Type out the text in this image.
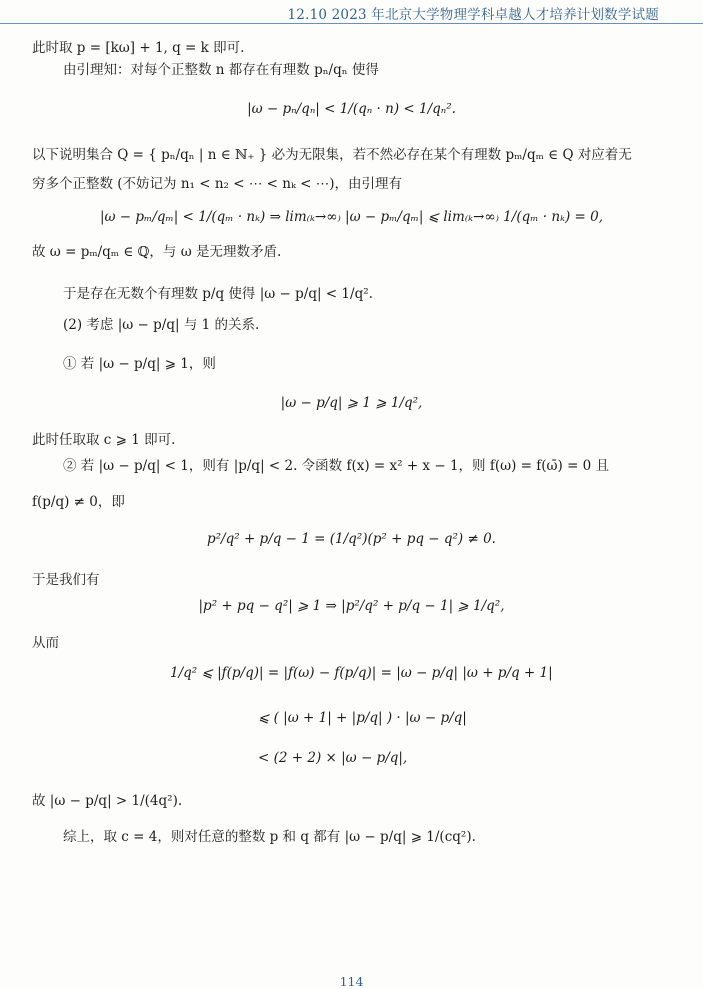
12.10 2023 年北京大学物理学科卓越人才培养计划数学试题
此时取 p = [kω] + 1, q = k 即可.
由引理知：对每个正整数 n 都存在有理数 pₙ/qₙ 使得
|ω − pₙ/qₙ| < 1/(qₙ · n) < 1/qₙ².
以下说明集合 Q = { pₙ/qₙ | n ∈ ℕ₊ } 必为无限集，若不然必存在某个有理数 pₘ/qₘ ∈ Q 对应着无
穷多个正整数 (不妨记为 n₁ < n₂ < ⋯ < nₖ < ⋯)，由引理有
|ω − pₘ/qₘ| < 1/(qₘ · nₖ) ⇒ lim₍ₖ→∞₎ |ω − pₘ/qₘ| ⩽ lim₍ₖ→∞₎ 1/(qₘ · nₖ) = 0,
故 ω = pₘ/qₘ ∈ ℚ，与 ω 是无理数矛盾.
于是存在无数个有理数 p/q 使得 |ω − p/q| < 1/q².
(2) 考虑 |ω − p/q| 与 1 的关系.
① 若 |ω − p/q| ⩾ 1，则
|ω − p/q| ⩾ 1 ⩾ 1/q²,
此时任取取 c ⩾ 1 即可.
② 若 |ω − p/q| < 1，则有 |p/q| < 2. 令函数 f(x) = x² + x − 1，则 f(ω) = f(ω̄) = 0 且
f(p/q) ≠ 0，即
p²/q² + p/q − 1 = (1/q²)(p² + pq − q²) ≠ 0.
于是我们有
|p² + pq − q²| ⩾ 1 ⇒ |p²/q² + p/q − 1| ⩾ 1/q²,
从而
1/q² ⩽ |f(p/q)| = |f(ω) − f(p/q)| = |ω − p/q| |ω + p/q + 1|
⩽ ( |ω + 1| + |p/q| ) · |ω − p/q|
< (2 + 2) × |ω − p/q|,
故 |ω − p/q| > 1/(4q²).
综上，取 c = 4，则对任意的整数 p 和 q 都有 |ω − p/q| ⩾ 1/(cq²).
114
